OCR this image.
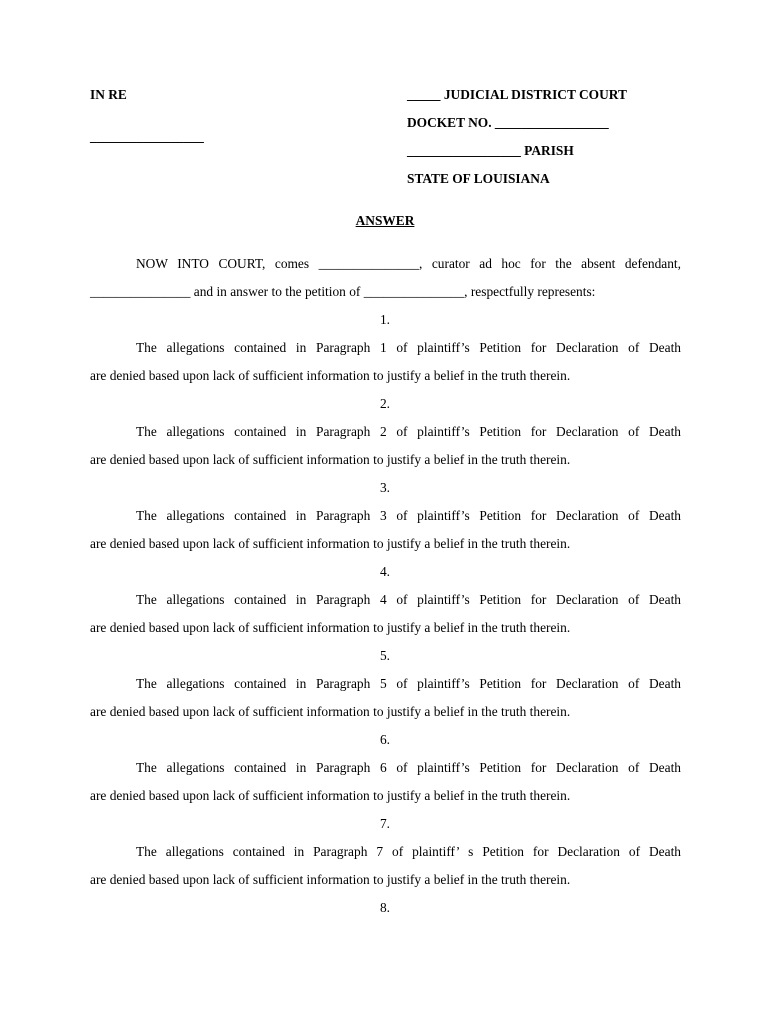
IN RE
_________________
_____ JUDICIAL DISTRICT COURT
DOCKET NO. _________________
_________________ PARISH
STATE OF LOUISIANA
ANSWER
NOW INTO COURT, comes _______________, curator ad hoc for the absent defendant,
_______________ and in answer to the petition of _______________, respectfully represents:
1.
The allegations contained in Paragraph 1 of plaintiff’s Petition for Declaration of Death
are denied based upon lack of sufficient information to justify a belief in the truth therein.
2.
The allegations contained in Paragraph 2 of plaintiff’s Petition for Declaration of Death
are denied based upon lack of sufficient information to justify a belief in the truth therein.
3.
The allegations contained in Paragraph 3 of plaintiff’s Petition for Declaration of Death
are denied based upon lack of sufficient information to justify a belief in the truth therein.
4.
The allegations contained in Paragraph 4 of plaintiff’s Petition for Declaration of Death
are denied based upon lack of sufficient information to justify a belief in the truth therein.
5.
The allegations contained in Paragraph 5 of plaintiff’s Petition for Declaration of Death
are denied based upon lack of sufficient information to justify a belief in the truth therein.
6.
The allegations contained in Paragraph 6 of plaintiff’s Petition for Declaration of Death
are denied based upon lack of sufficient information to justify a belief in the truth therein.
7.
The allegations contained in Paragraph 7 of plaintiff’ s Petition for Declaration of Death
are denied based upon lack of sufficient information to justify a belief in the truth therein.
8.
